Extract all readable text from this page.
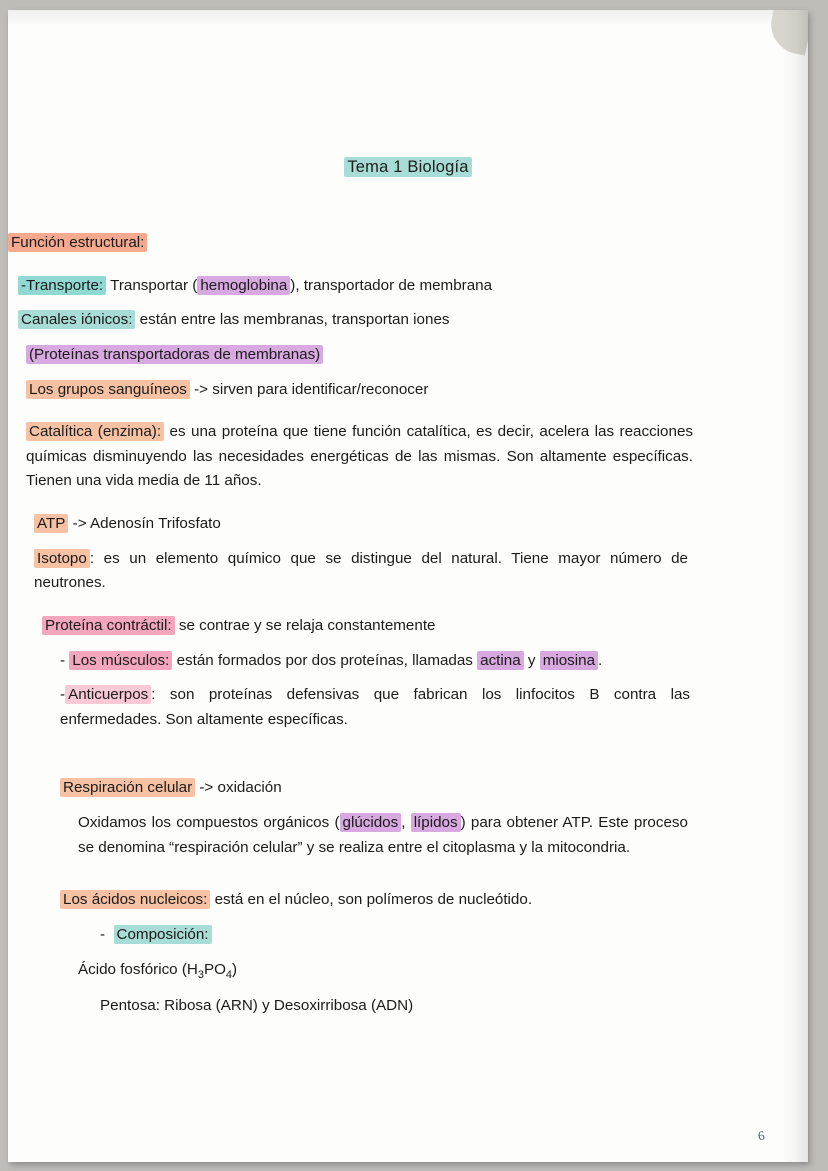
Tema 1 Biología
Función estructural:
-Transporte: Transportar ( hemoglobina ), transportador de membrana
Canales iónicos: están entre las membranas, transportan iones
(Proteínas transportadoras de membranas)
Los grupos sanguíneos -> sirven para identificar/reconocer
Catalítica (enzima): es una proteína que tiene función catalítica, es decir, acelera las reacciones químicas disminuyendo las necesidades energéticas de las mismas. Son altamente específicas. Tienen una vida media de 11 años.
ATP -> Adenosín Trifosfato
Isotopo : es un elemento químico que se distingue del natural. Tiene mayor número de neutrones.
Proteína contráctil: se contrae y se relaja constantemente
- Los músculos: están formados por dos proteínas, llamadas actina y miosina .
- Anticuerpos : son proteínas defensivas que fabrican los linfocitos B contra las enfermedades. Son altamente específicas.
Respiración celular -> oxidación
Oxidamos los compuestos orgánicos ( glúcidos , lípidos ) para obtener ATP. Este proceso se denomina “respiración celular” y se realiza entre el citoplasma y la mitocondria.
Los ácidos nucleicos: está en el núcleo, son polímeros de nucleótido.
- Composición:
Ácido fosfórico $(H_3PO_4)$
Pentosa: Ribosa (ARN) y Desoxirribosa (ADN)
6
